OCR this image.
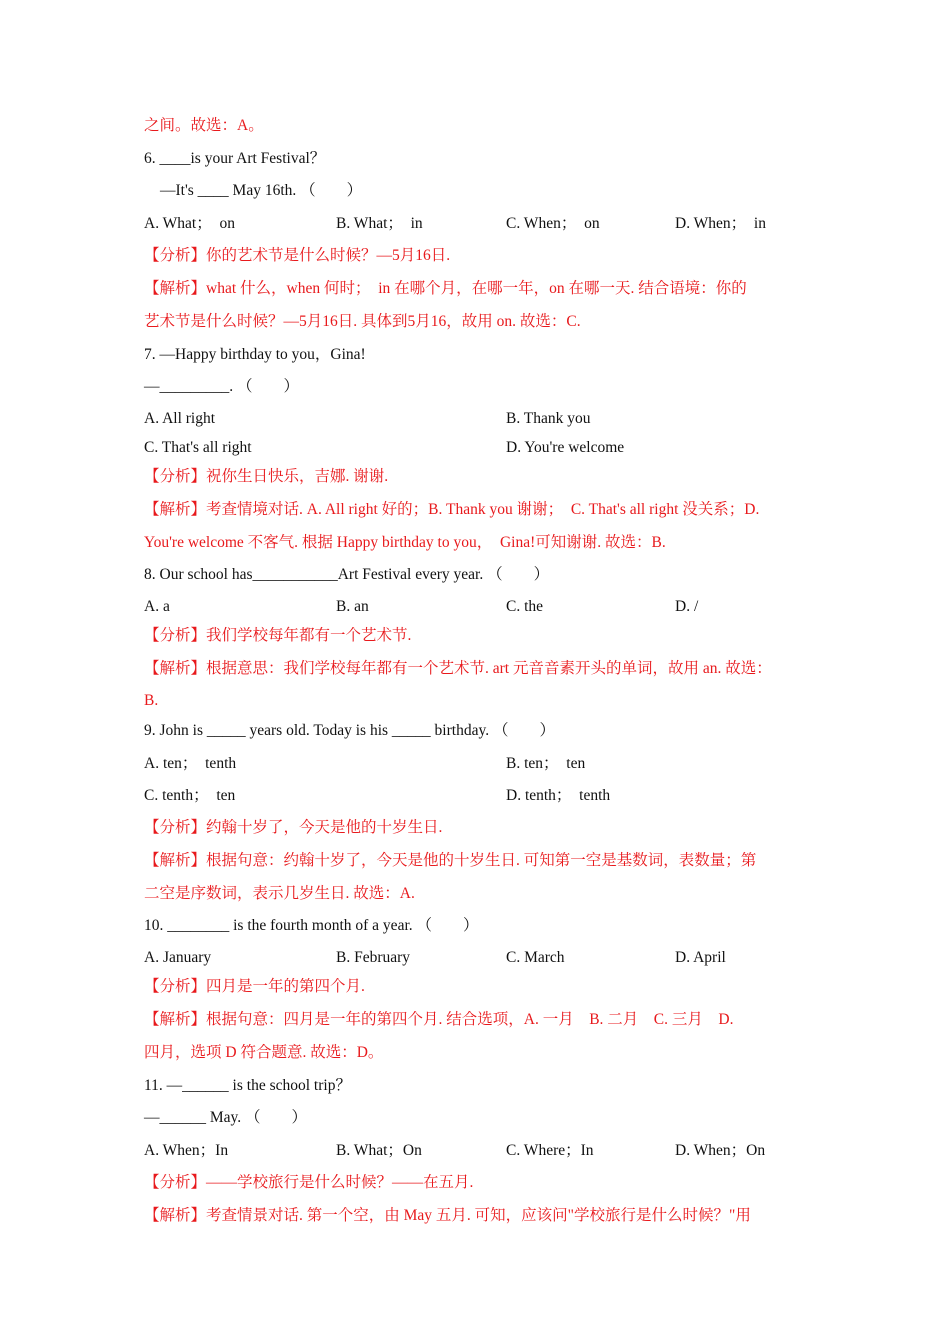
之间。故选：A。
6. ____is your Art Festival？
—It's ____ May 16th. （　　）
A. What；　on	B. What；　in	C. When；　on	D. When；　in
【分析】你的艺术节是什么时候？—5月16日.
【解析】what 什么，when 何时；　in 在哪个月，在哪一年，on 在哪一天. 结合语境：你的
艺术节是什么时候？—5月16日. 具体到5月16，故用 on. 故选：C.
7. —Happy birthday to you，Gina!
—_________. （　　）
A. All right	B. Thank you
C. That's all right	D. You're welcome
【分析】祝你生日快乐，吉娜. 谢谢.
【解析】考查情境对话. A. All right 好的；B. Thank you 谢谢；　C. That's all right 没关系；D.
You're welcome 不客气. 根据 Happy birthday to you，　Gina!可知谢谢. 故选：B.
8. Our school has___________Art Festival every year. （　　）
A. a	B. an	C. the	D. /
【分析】我们学校每年都有一个艺术节.
【解析】根据意思：我们学校每年都有一个艺术节. art 元音音素开头的单词，故用 an. 故选：
B.
9. John is _____ years old. Today is his _____ birthday. （　　）
A. ten；　tenth	B. ten；　ten
C. tenth；　ten	D. tenth；　tenth
【分析】约翰十岁了，今天是他的十岁生日.
【解析】根据句意：约翰十岁了，今天是他的十岁生日. 可知第一空是基数词，表数量；第
二空是序数词，表示几岁生日. 故选：A.
10. ________ is the fourth month of a year. （　　）
A. January	B. February	C. March	D. April
【分析】四月是一年的第四个月.
【解析】根据句意：四月是一年的第四个月. 结合选项，A. 一月　B. 二月　C. 三月　D.
四月，选项 D 符合题意. 故选：D。
11. —______ is the school trip？
—______ May. （　　）
A. When；In	B. What；On	C. Where；In	D. When；On
【分析】——学校旅行是什么时候？——在五月.
【解析】考查情景对话. 第一个空，由 May 五月. 可知，应该问"学校旅行是什么时候？"用
